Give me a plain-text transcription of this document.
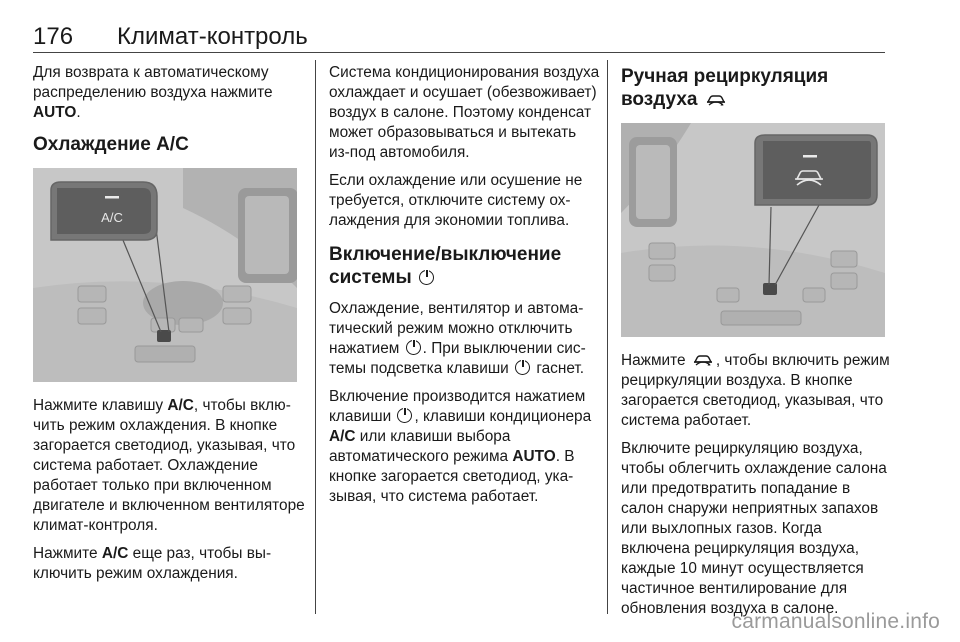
176 Климат-контроль

Для возврата к автоматическому распределению воздуха нажмите AUTO.

Охлаждение A/C
A/C

Нажмите клавишу A/C, чтобы включить режим охлаждения. В кнопке загорается светодиод, указывая, что система работает. Охлаждение работает только при включенном двигателе и включенном вентиляторе климат-контроля.

Нажмите A/C еще раз, чтобы выключить режим охлаждения.

Система кондиционирования воздуха охлаждает и осушает (обезвоживает) воздух в салоне. Поэтому конденсат может образовываться и вытекать из-под автомобиля.

Если охлаждение или осушение не требуется, отключите систему охлаждения для экономии топлива.

Включение/выключение системы

Охлаждение, вентилятор и автоматический режим можно отключить нажатием . При выключении системы подсветка клавиши  гаснет.

Включение производится нажатием клавиши , клавиши кондиционера A/C или клавиши выбора автоматического режима AUTO. В кнопке загорается светодиод, указывая, что система работает.

Ручная рециркуляция воздуха

Нажмите , чтобы включить режим рециркуляции воздуха. В кнопке загорается светодиод, указывая, что система работает.

Включите рециркуляцию воздуха, чтобы облегчить охлаждение салона или предотвратить попадание в салон снаружи неприятных запахов или выхлопных газов. Когда включена рециркуляция воздуха, каждые 10 минут осуществляется частичное вентилирование для обновления воздуха в салоне.

carmanualsonline.info
